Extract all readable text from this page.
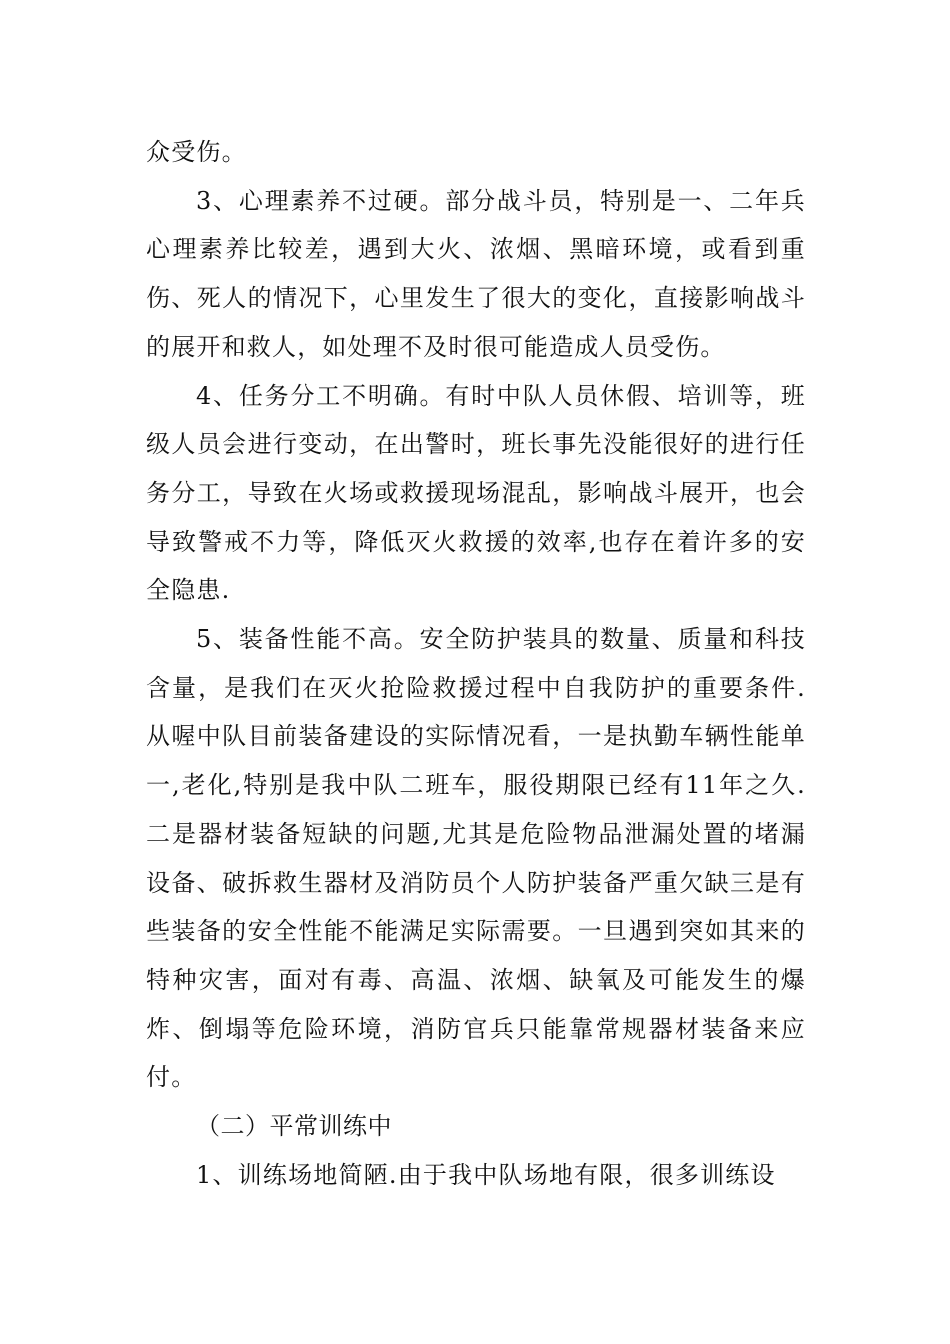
众受伤。

3、心理素养不过硬。部分战斗员，特别是一、二年兵心理素养比较差，遇到大火、浓烟、黑暗环境，或看到重伤、死人的情况下，心里发生了很大的变化，直接影响战斗的展开和救人，如处理不及时很可能造成人员受伤。

4、任务分工不明确。有时中队人员休假、培训等，班级人员会进行变动，在出警时，班长事先没能很好的进行任务分工，导致在火场或救援现场混乱，影响战斗展开，也会导致警戒不力等，降低灭火救援的效率,也存在着许多的安全隐患.

5、装备性能不高。安全防护装具的数量、质量和科技含量，是我们在灭火抢险救援过程中自我防护的重要条件.从喔中队目前装备建设的实际情况看，一是执勤车辆性能单一,老化,特别是我中队二班车，服役期限已经有11年之久.二是器材装备短缺的问题,尤其是危险物品泄漏处置的堵漏设备、破拆救生器材及消防员个人防护装备严重欠缺三是有些装备的安全性能不能满足实际需要。一旦遇到突如其来的特种灾害，面对有毒、高温、浓烟、缺氧及可能发生的爆炸、倒塌等危险环境，消防官兵只能靠常规器材装备来应付。

（二）平常训练中

1、训练场地简陋.由于我中队场地有限，很多训练设
